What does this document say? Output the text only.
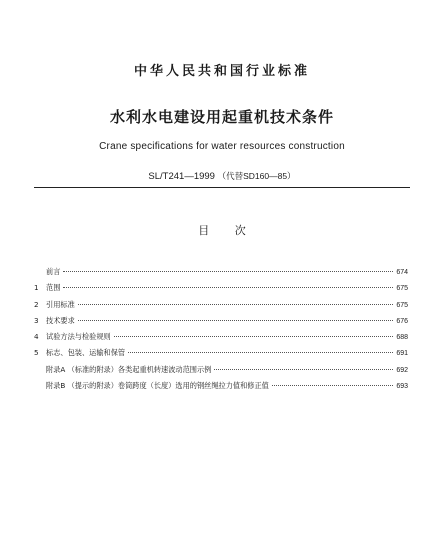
中华人民共和国行业标准
水利水电建设用起重机技术条件
Crane specifications for water resources construction
SL/T241—1999 （代替SD160—85）
目 次
前言	674
1	范围	675
2	引用标准	675
3	技术要求	676
4	试验方法与检验规则	688
5	标志、包装、运输和保管	691
附录A （标准的附录）各类起重机转速波动范围示例	692
附录B （提示的附录）卷筒跨度（长度）选用的钢丝绳拉力值和修正值	693
